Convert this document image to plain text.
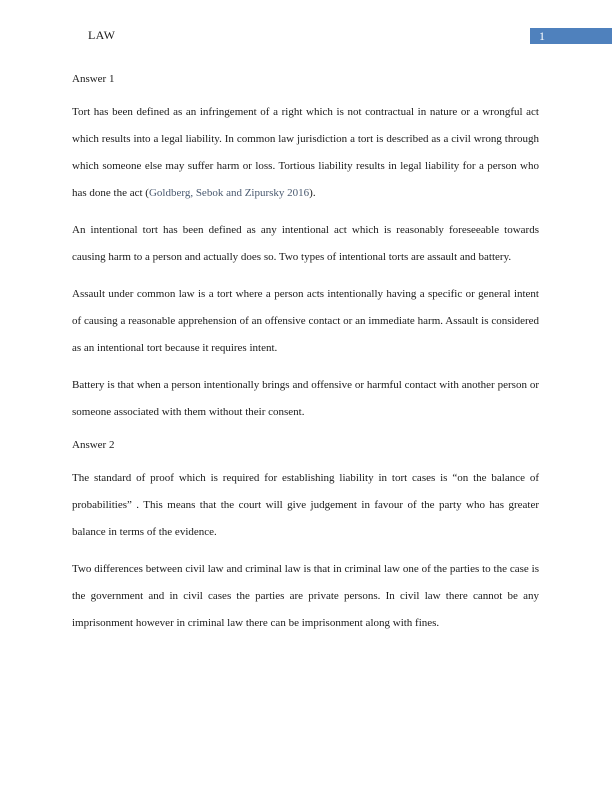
LAW	1
Answer 1

Tort has been defined as an infringement of a right which is not contractual in nature or a wrongful act which results into a legal liability. In common law jurisdiction a tort is described as a civil wrong through which someone else may suffer harm or loss. Tortious liability results in legal liability for a person who has done the act (Goldberg, Sebok and Zipursky 2016).

An intentional tort has been defined as any intentional act which is reasonably foreseeable towards causing harm to a person and actually does so. Two types of intentional torts are assault and battery.

Assault under common law is a tort where a person acts intentionally having a specific or general intent of causing a reasonable apprehension of an offensive contact or an immediate harm. Assault is considered as an intentional tort because it requires intent.

Battery is that when a person intentionally brings and offensive or harmful contact with another person or someone associated with them without their consent.

Answer 2

The standard of proof which is required for establishing liability in tort cases is “on the balance of probabilities” . This means that the court will give judgement in favour of the party who has greater balance in terms of the evidence.

Two differences between civil law and criminal law is that in criminal law one of the parties to the case is the government and in civil cases the parties are private persons. In civil law there cannot be any imprisonment however in criminal law there can be imprisonment along with fines.
